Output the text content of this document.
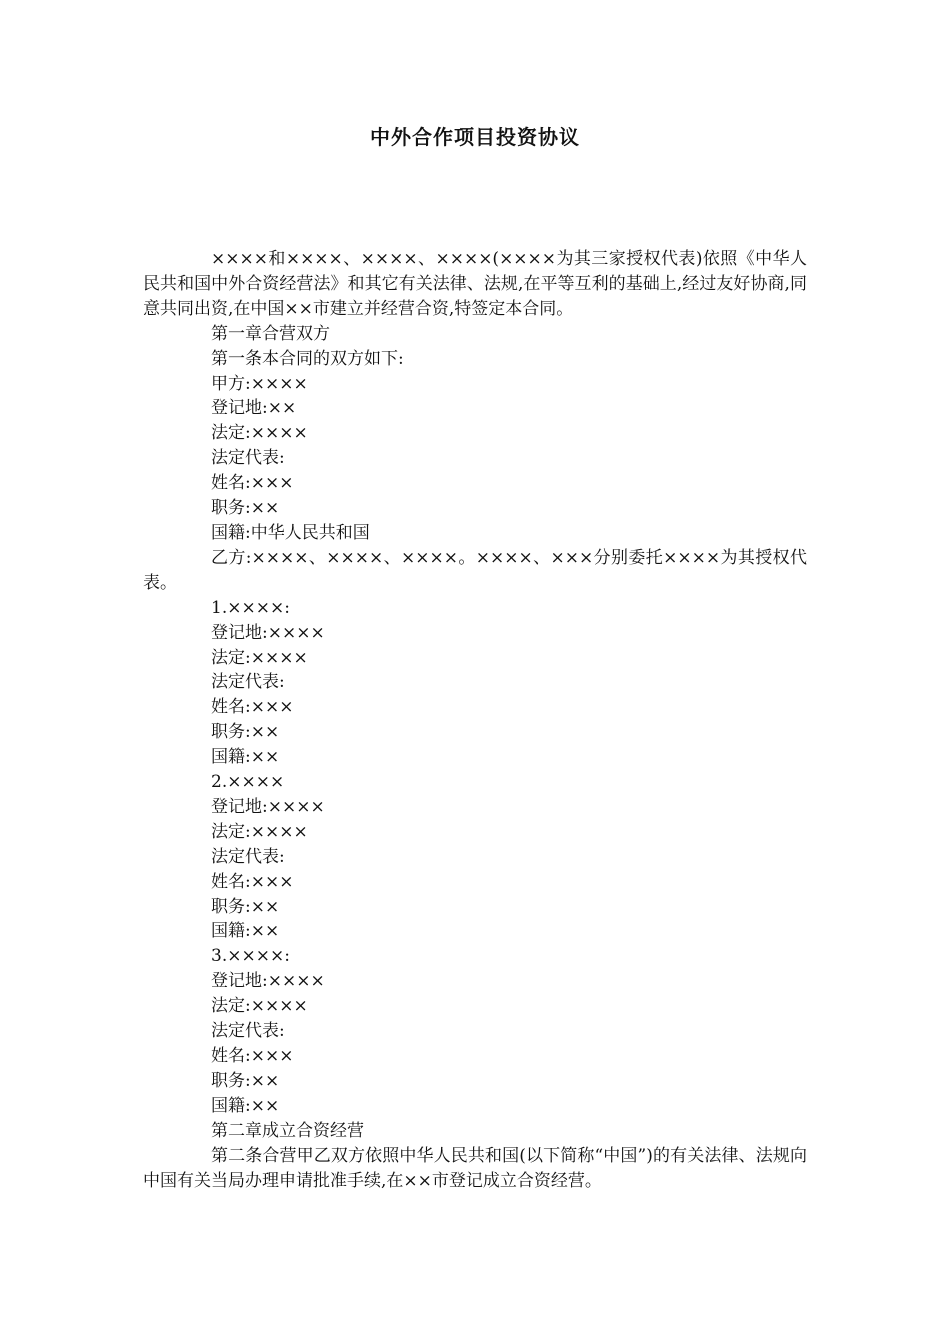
中外合作项目投资协议

××××和××××、××××、××××(××××为其三家授权代表)依照《中华人民共和国中外合资经营法》和其它有关法律、法规,在平等互利的基础上,经过友好协商,同意共同出资,在中国××市建立并经营合资,特签定本合同。

第一章合营双方

第一条本合同的双方如下:

甲方:××××

登记地:××

法定:××××

法定代表:

姓名:×××

职务:××

国籍:中华人民共和国

乙方:××××、××××、××××。××××、×××分别委托××××为其授权代表。

1.××××:

登记地:××××

法定:××××

法定代表:

姓名:×××

职务:××

国籍:××

2.××××

登记地:××××

法定:××××

法定代表:

姓名:×××

职务:××

国籍:××

3.××××:

登记地:××××

法定:××××

法定代表:

姓名:×××

职务:××

国籍:××

第二章成立合资经营

第二条合营甲乙双方依照中华人民共和国(以下简称“中国”)的有关法律、法规向中国有关当局办理申请批准手续,在××市登记成立合资经营。
